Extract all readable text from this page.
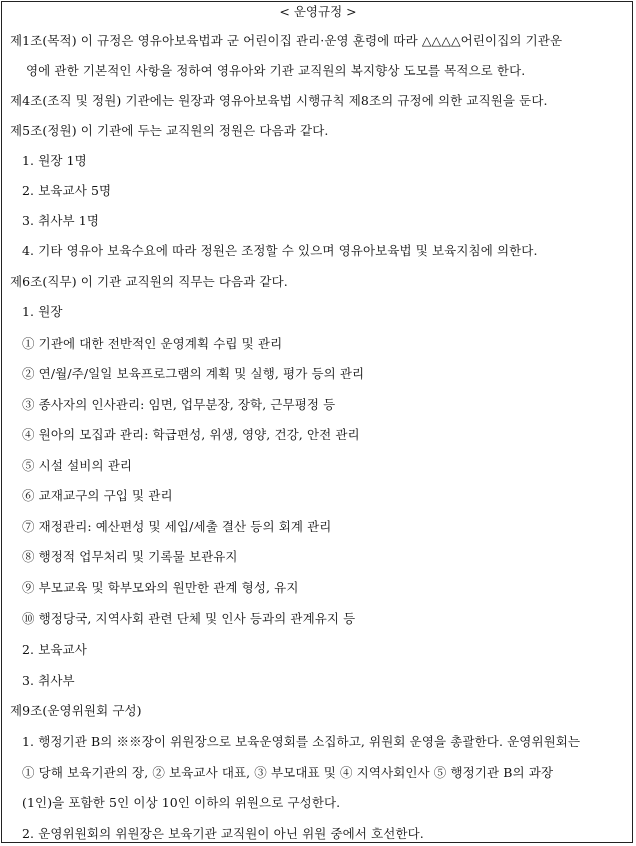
< 운영규정 >
제1조(목적) 이 규정은 영유아보육법과 군 어린이집 관리·운영 훈령에 따라 △△△△어린이집의 기관운
영에 관한 기본적인 사항을 정하여 영유아와 기관 교직원의 복지향상 도모를 목적으로 한다.
제4조(조직 및 정원) 기관에는 원장과 영유아보육법 시행규칙 제8조의 규정에 의한 교직원을 둔다.
제5조(정원) 이 기관에 두는 교직원의 정원은 다음과 같다.
1. 원장 1명
2. 보육교사 5명
3. 취사부 1명
4. 기타 영유아 보육수요에 따라 정원은 조정할 수 있으며 영유아보육법 및 보육지침에 의한다.
제6조(직무) 이 기관 교직원의 직무는 다음과 같다.
1. 원장
① 기관에 대한 전반적인 운영계획 수립 및 관리
② 연/월/주/일일 보육프로그램의 계획 및 실행, 평가 등의 관리
③ 종사자의 인사관리: 임면, 업무분장, 장학, 근무평정 등
④ 원아의 모집과 관리: 학급편성, 위생, 영양, 건강, 안전 관리
⑤ 시설 설비의 관리
⑥ 교재교구의 구입 및 관리
⑦ 재정관리: 예산편성 및 세입/세출 결산 등의 회계 관리
⑧ 행정적 업무처리 및 기록물 보관유지
⑨ 부모교육 및 학부모와의 원만한 관계 형성, 유지
⑩ 행정당국, 지역사회 관련 단체 및 인사 등과의 관계유지 등
2. 보육교사
3. 취사부
제9조(운영위원회 구성)
1. 행정기관 B의 ※※장이 위원장으로 보육운영회를 소집하고, 위원회 운영을 총괄한다. 운영위원회는
① 당해 보육기관의 장, ② 보육교사 대표, ③ 부모대표 및 ④ 지역사회인사 ⑤ 행정기관 B의 과장
(1인)을 포함한 5인 이상 10인 이하의 위원으로 구성한다.
2. 운영위원회의 위원장은 보육기관 교직원이 아닌 위원 중에서 호선한다.
